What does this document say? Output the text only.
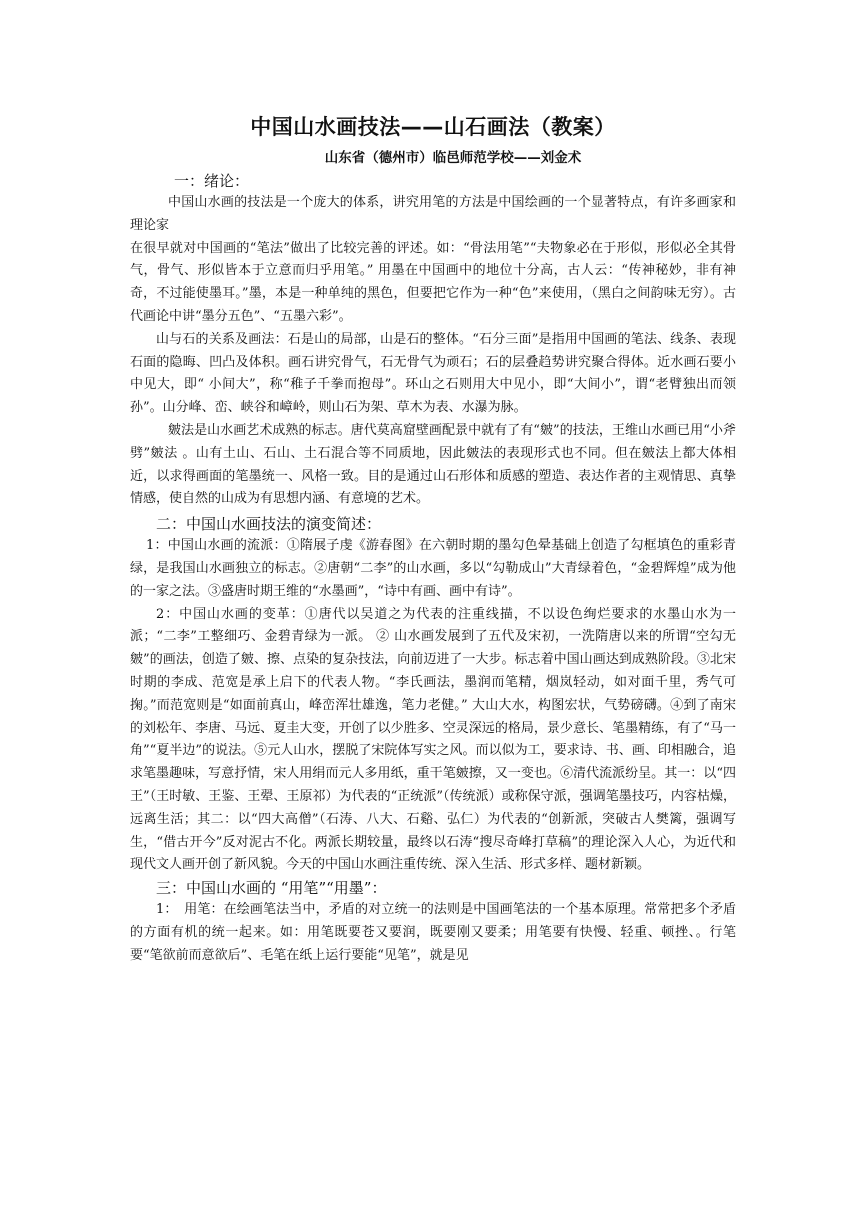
中国山水画技法——山石画法（教案）
山东省（德州市）临邑师范学校——刘金术
一：绪论：

中国山水画的技法是一个庞大的体系，讲究用笔的方法是中国绘画的一个显著特点，有许多画家和理论家

在很早就对中国画的“笔法”做出了比较完善的评述。如：“骨法用笔”“夫物象必在于形似，形似必全其骨气，骨气、形似皆本于立意而归乎用笔。” 用墨在中国画中的地位十分高，古人云：“传神秘妙，非有神奇，不过能使墨耳。”墨，本是一种单纯的黑色，但要把它作为一种“色”来使用，（黑白之间韵味无穷）。古代画论中讲“墨分五色”、“五墨六彩”。

山与石的关系及画法：石是山的局部，山是石的整体。“石分三面”是指用中国画的笔法、线条、表现石面的隐晦、凹凸及体积。画石讲究骨气，石无骨气为顽石；石的层叠趋势讲究聚合得体。近水画石要小中见大，即“ 小间大”，称“稚子千拳而抱母”。环山之石则用大中见小，即“大间小”，谓“老臂独出而领孙”。山分峰、峦、峡谷和嶂岭，则山石为架、草木为表、水瀑为脉。

皴法是山水画艺术成熟的标志。唐代莫高窟壁画配景中就有了有“皴”的技法，王维山水画已用“小斧劈”皴法 。山有土山、石山、土石混合等不同质地，因此皴法的表现形式也不同。但在皴法上都大体相近，以求得画面的笔墨统一、风格一致。目的是通过山石形体和质感的塑造、表达作者的主观情思、真挚情感，使自然的山成为有思想内涵、有意境的艺术。

二：中国山水画技法的演变简述：

1：中国山水画的流派：①隋展子虔《游春图》在六朝时期的墨勾色晕基础上创造了勾框填色的重彩青绿，是我国山水画独立的标志。②唐朝“二李”的山水画，多以“勾勒成山”大青绿着色，“金碧辉煌”成为他的一家之法。③盛唐时期王维的“水墨画”，“诗中有画、画中有诗”。

2：中国山水画的变革：①唐代以吴道之为代表的注重线描，不以设色绚烂要求的水墨山水为一派；“二李”工整细巧、金碧青绿为一派。 ② 山水画发展到了五代及宋初，一洗隋唐以来的所谓“空勾无皴”的画法，创造了皴、擦、点染的复杂技法，向前迈进了一大步。标志着中国山画达到成熟阶段。③北宋时期的李成、范宽是承上启下的代表人物。“李氏画法，墨润而笔精，烟岚轻动，如对面千里，秀气可掬。”而范宽则是“如面前真山，峰峦浑壮雄逸，笔力老健。” 大山大水，构图宏状，气势磅礴。④到了南宋的刘松年、李唐、马远、夏圭大变，开创了以少胜多、空灵深远的格局，景少意长、笔墨精练，有了“马一角”“夏半边”的说法。⑤元人山水，摆脱了宋院体写实之风。而以似为工，要求诗、书、画、印相融合，追求笔墨趣味，写意抒情，宋人用绢而元人多用纸，重干笔皴擦，又一变也。⑥清代流派纷呈。其一：以“四王”（王时敏、王鉴、王翚、王原祁）为代表的“正统派”（传统派）或称保守派，强调笔墨技巧，内容枯燥，远离生活；其二：以“四大高僧”（石涛、八大、石谿、弘仁）为代表的“创新派，突破古人樊篱，强调写生，“借古开今”反对泥古不化。两派长期较量，最终以石涛“搜尽奇峰打草稿”的理论深入人心，为近代和现代文人画开创了新风貌。今天的中国山水画注重传统、深入生活、形式多样、题材新颖。

三：中国山水画的 “用笔”“用墨”：

1：　用笔：在绘画笔法当中，矛盾的对立统一的法则是中国画笔法的一个基本原理。常常把多个矛盾的方面有机的统一起来。如：用笔既要苍又要润，既要刚又要柔；用笔要有快慢、轻重、顿挫、。行笔要“笔欲前而意欲后”、毛笔在纸上运行要能“见笔”，就是见
